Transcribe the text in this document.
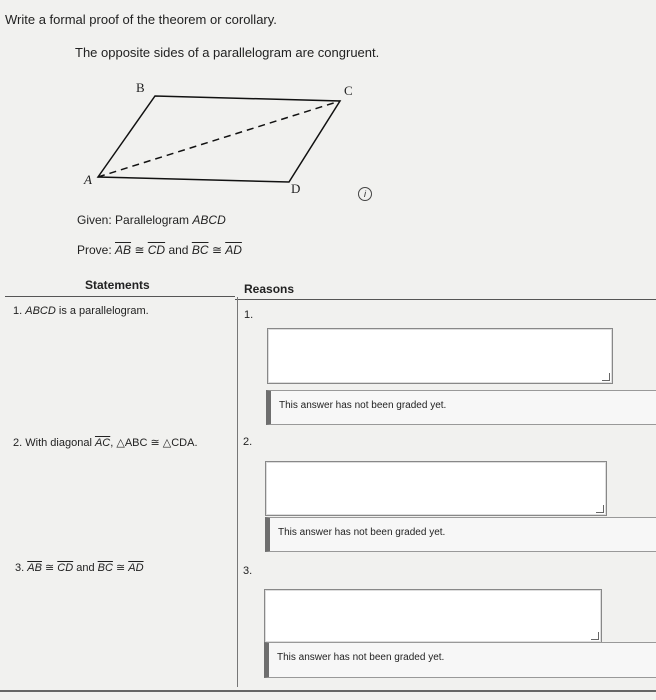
Write a formal proof of the theorem or corollary.
The opposite sides of a parallelogram are congruent.
B	C
A
D	i
Given: Parallelogram ABCD
Prove: $\overline{AB}$ ≅ $\overline{CD}$ and $\overline{BC}$ ≅ $\overline{AD}$
Statements	Reasons
1. ABCD is a parallelogram.	1.
This answer has not been graded yet.
2. With diagonal $\overline{AC}$, △ABC ≅ △CDA.	2.
This answer has not been graded yet.
3. $\overline{AB}$ ≅ $\overline{CD}$ and $\overline{BC}$ ≅ $\overline{AD}$	3.
This answer has not been graded yet.
